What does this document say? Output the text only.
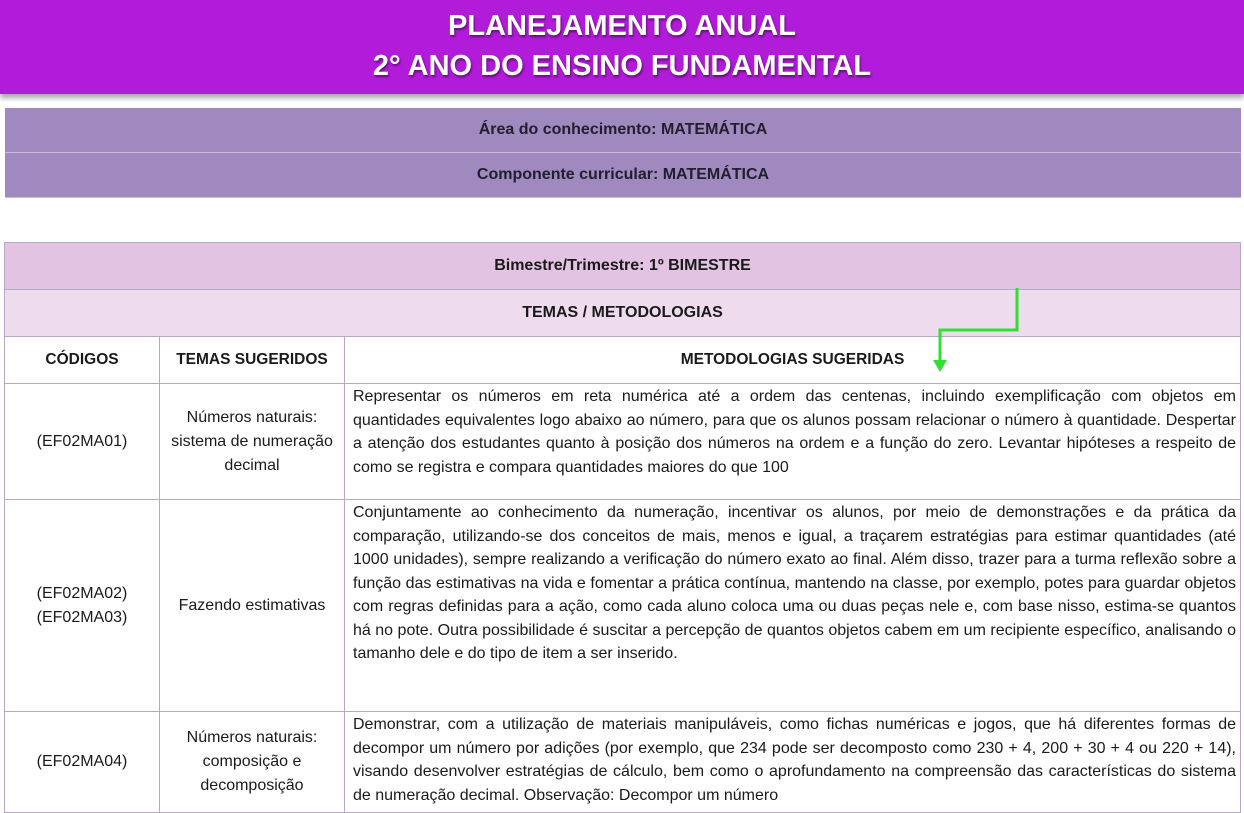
PLANEJAMENTO ANUAL
2° ANO DO ENSINO FUNDAMENTAL
Área do conhecimento: MATEMÁTICA
Componente curricular: MATEMÁTICA
Bimestre/Trimestre: 1º BIMESTRE		
TEMAS / METODOLOGIAS		
CÓDIGOS	TEMAS SUGERIDOS	METODOLOGIAS SUGERIDAS

(EF02MA01)	Números naturais: sistema de numeração decimal	Representar os números em reta numérica até a ordem das centenas, incluindo exemplificação com objetos em quantidades equivalentes logo abaixo ao número, para que os alunos possam relacionar o número à quantidade. Despertar a atenção dos estudantes quanto à posição dos números na ordem e a função do zero. Levantar hipóteses a respeito de como se registra e compara quantidades maiores do que 100

(EF02MA02)
(EF02MA03)	Fazendo estimativas	Conjuntamente ao conhecimento da numeração, incentivar os alunos, por meio de demonstrações e da prática da comparação, utilizando-se dos conceitos de mais, menos e igual, a traçarem estratégias para estimar quantidades (até 1000 unidades), sempre realizando a verificação do número exato ao final. Além disso, trazer para a turma reflexão sobre a função das estimativas na vida e fomentar a prática contínua, mantendo na classe, por exemplo, potes para guardar objetos com regras definidas para a ação, como cada aluno coloca uma ou duas peças nele e, com base nisso, estima-se quantos há no pote. Outra possibilidade é suscitar a percepção de quantos objetos cabem em um recipiente específico, analisando o tamanho dele e do tipo de item a ser inserido.

(EF02MA04)	Números naturais: composição e decomposição	Demonstrar, com a utilização de materiais manipuláveis, como fichas numéricas e jogos, que há diferentes formas de decompor um número por adições (por exemplo, que 234 pode ser decomposto como 230 + 4, 200 + 30 + 4 ou 220 + 14), visando desenvolver estratégias de cálculo, bem como o aprofundamento na compreensão das características do sistema de numeração decimal. Observação: Decompor um número
